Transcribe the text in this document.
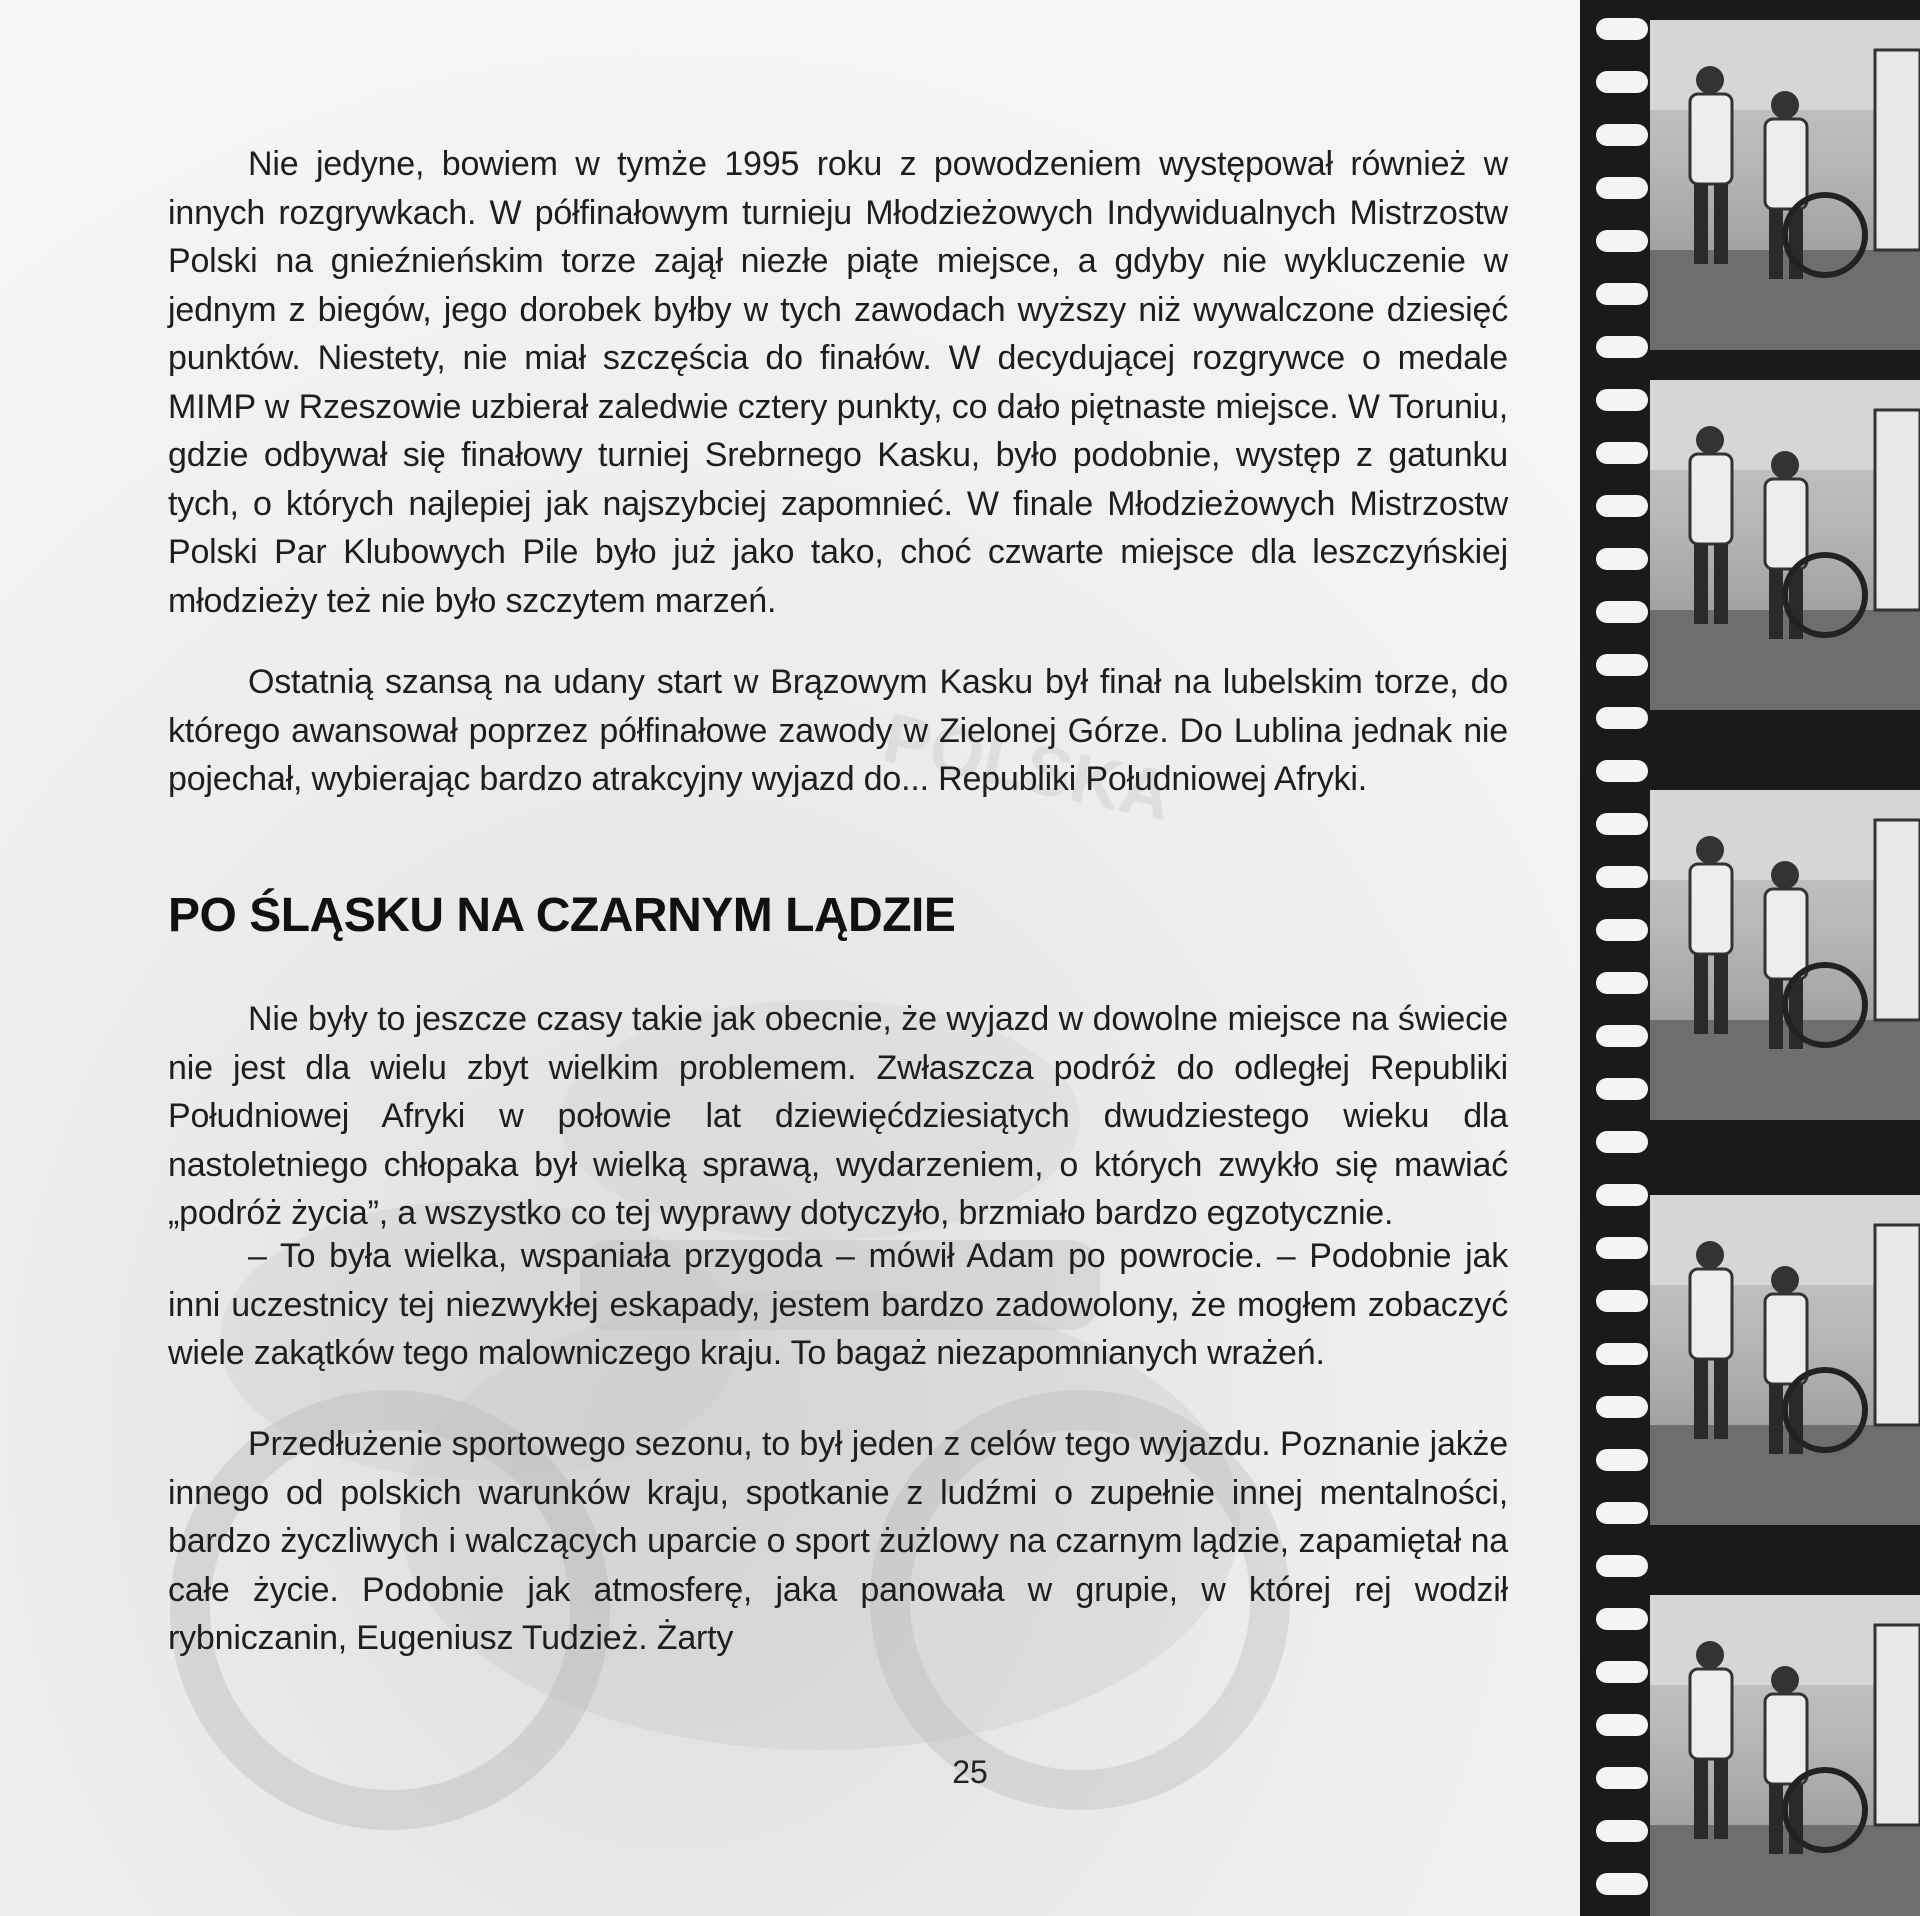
POLSKA

Nie jedyne, bowiem w tymże 1995 roku z powodzeniem występował również w innych rozgrywkach. W półfinałowym turnieju Młodzieżowych Indywidualnych Mistrzostw Polski na gnieźnieńskim torze zajął niezłe piąte miejsce, a gdyby nie wykluczenie w jednym z biegów, jego dorobek byłby w tych zawodach wyższy niż wywalczone dziesięć punktów. Niestety, nie miał szczęścia do finałów. W decydującej rozgrywce o medale MIMP w Rzeszowie uzbierał zaledwie cztery punkty, co dało piętnaste miejsce. W Toruniu, gdzie odbywał się finałowy turniej Srebrnego Kasku, było podobnie, występ z gatunku tych, o których najlepiej jak najszybciej zapomnieć. W finale Młodzieżowych Mistrzostw Polski Par Klubowych Pile było już jako tako, choć czwarte miejsce dla leszczyńskiej młodzieży też nie było szczytem marzeń.

Ostatnią szansą na udany start w Brązowym Kasku był finał na lubelskim torze, do którego awansował poprzez półfinałowe zawody w Zielonej Górze. Do Lublina jednak nie pojechał, wybierając bardzo atrakcyjny wyjazd do... Republiki Południowej Afryki.

PO ŚLĄSKU NA CZARNYM LĄDZIE

Nie były to jeszcze czasy takie jak obecnie, że wyjazd w dowolne miejsce na świecie nie jest dla wielu zbyt wielkim problemem. Zwłaszcza podróż do odległej Republiki Południowej Afryki w połowie lat dziewięćdziesiątych dwudziestego wieku dla nastoletniego chłopaka był wielką sprawą, wydarzeniem, o których zwykło się mawiać „podróż życia”, a wszystko co tej wyprawy dotyczyło, brzmiało bardzo egzotycznie.

– To była wielka, wspaniała przygoda – mówił Adam po powrocie. – Podobnie jak inni uczestnicy tej niezwykłej eskapady, jestem bardzo zadowolony, że mogłem zobaczyć wiele zakątków tego malowniczego kraju. To bagaż niezapomnianych wrażeń.

Przedłużenie sportowego sezonu, to był jeden z celów tego wyjazdu. Poznanie jakże innego od polskich warunków kraju, spotkanie z ludźmi o zupełnie innej mentalności, bardzo życzliwych i walczących uparcie o sport żużlowy na czarnym lądzie, zapamiętał na całe życie. Podobnie jak atmosferę, jaka panowała w grupie, w której rej wodził rybniczanin, Eugeniusz Tudzież. Żarty

25
